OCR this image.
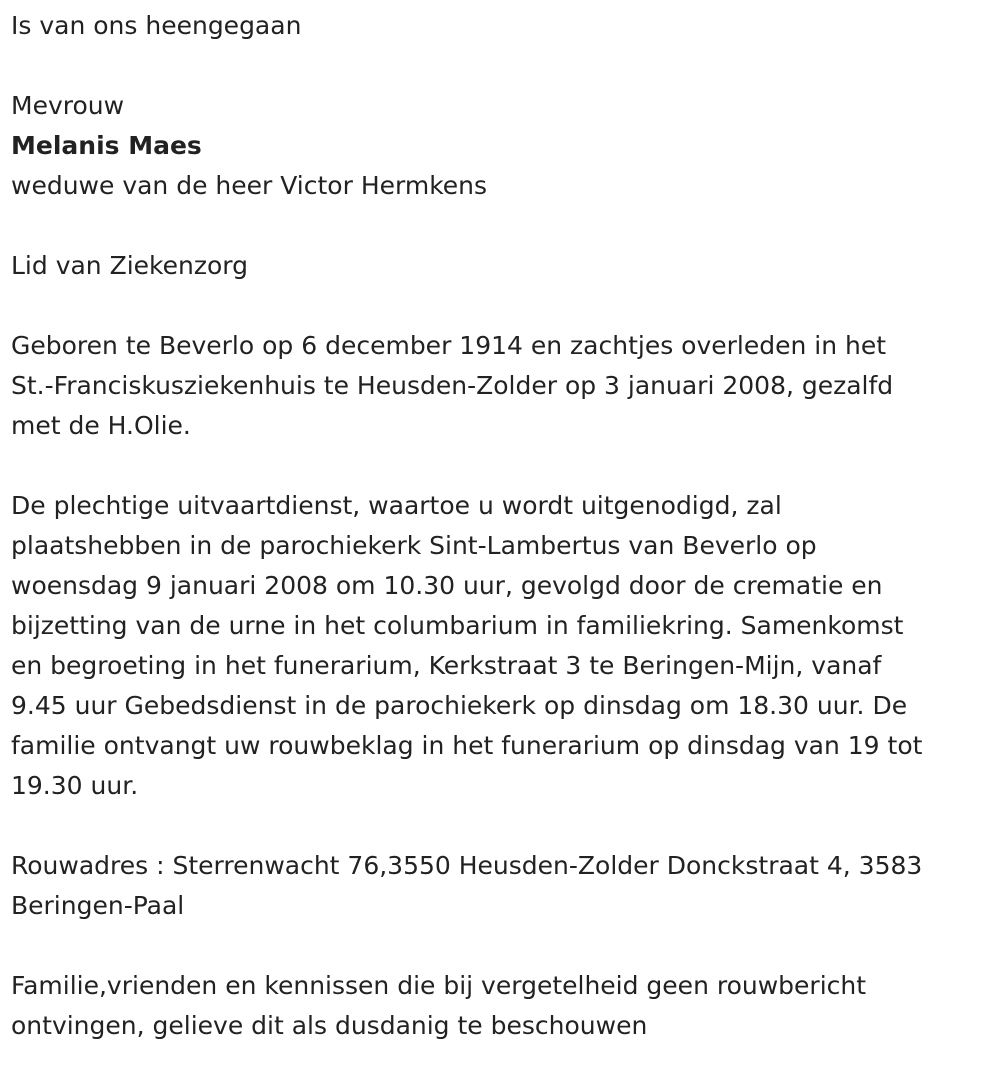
Is van ons heengegaan

Mevrouw

Melanis Maes

weduwe van de heer Victor Hermkens

Lid van Ziekenzorg

Geboren te Beverlo op 6 december 1914 en zachtjes overleden in het

St.-Franciskusziekenhuis te Heusden-Zolder op 3 januari 2008, gezalfd

met de H.Olie.

De plechtige uitvaartdienst, waartoe u wordt uitgenodigd, zal

plaatshebben in de parochiekerk Sint-Lambertus van Beverlo op

woensdag 9 januari 2008 om 10.30 uur, gevolgd door de crematie en

bijzetting van de urne in het columbarium in familiekring. Samenkomst

en begroeting in het funerarium, Kerkstraat 3 te Beringen-Mijn, vanaf

9.45 uur Gebedsdienst in de parochiekerk op dinsdag om 18.30 uur. De

familie ontvangt uw rouwbeklag in het funerarium op dinsdag van 19 tot

19.30 uur.

Rouwadres : Sterrenwacht 76,3550 Heusden-Zolder Donckstraat 4, 3583

Beringen-Paal

Familie,vrienden en kennissen die bij vergetelheid geen rouwbericht

ontvingen, gelieve dit als dusdanig te beschouwen
